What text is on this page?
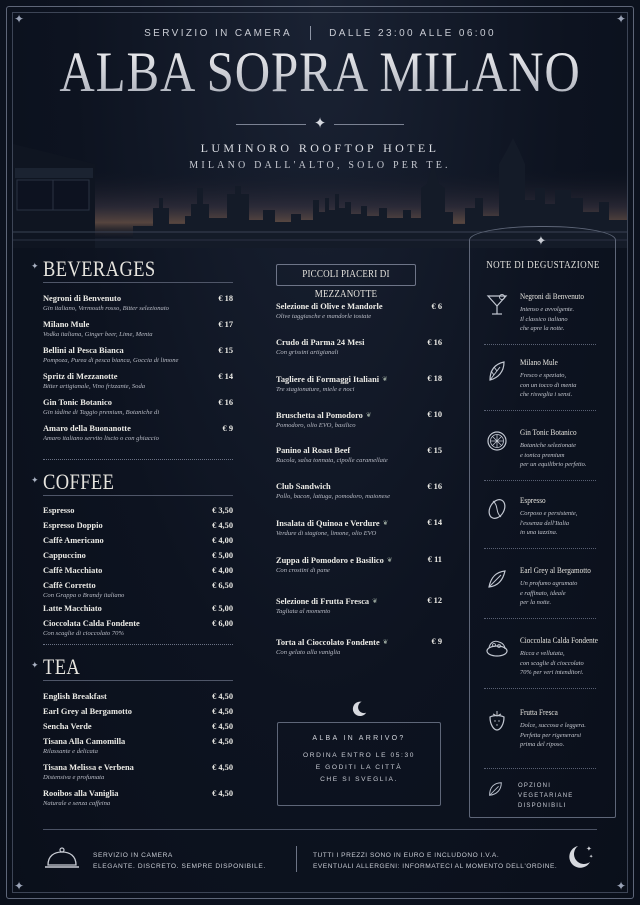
✦	✦
✦	✦
SERVIZIO IN CAMERA	DALLE 23:00 ALLE 06:00
ALBA SOPRA MILANO
✦
LUMINORO ROOFTOP HOTEL
MILANO DALL'ALTO, SOLO PER TE.
BEVERAGES
Negroni di Benvenuto	€ 18
Gin italiano, Vermouth rosso, Bitter selezionato
Milano Mule	€ 17
Vodka italiana, Ginger beer, Lime, Menta
Bellini al Pesca Bianca	€ 15
Pompoza, Purea di pesca bianca, Goccia di limone
Spritz di Mezzanotte	€ 14
Bitter artigianale, Vino frizzante, Soda
Gin Tonic Botanico	€ 16
Gin tàdine di Taggio premium, Botaniche di
Amaro della Buonanotte	€ 9
Amaro italiano servito liscio o con ghiaccio
COFFEE
Espresso	€ 3,50
Espresso Doppio	€ 4,50
Caffè Americano	€ 4,00
Cappuccino	€ 5,00
Caffè Macchiato	€ 4,00
Caffè Corretto	€ 6,50
Con Grappa o Brandy italiano
Latte Macchiato	€ 5,00
Cioccolata Calda Fondente	€ 6,00
Con scaglie di cioccolato 70%
TEA
English Breakfast	€ 4,50
Earl Grey al Bergamotto	€ 4,50
Sencha Verde	€ 4,50
Tisana Alla Camomilla	€ 4,50
Rilassante e delicata
Tisana Melissa e Verbena	€ 4,50
Distensiva e profumata
Rooibos alla Vaniglia	€ 4,50
Naturale e senza caffeina
✦
✦
✦
PICCOLI PIACERI DI MEZZANOTTE
Selezione di Olive e Mandorle	€ 6
Olive taggiasche e mandorle tostate
Crudo di Parma 24 Mesi	€ 16
Con grissini artigianali
Tagliere di Formaggi Italiani ❦	€ 18
Tre stagionature, miele e noci
Bruschetta al Pomodoro ❦	€ 10
Pomodoro, olio EVO, basilico
Panino al Roast Beef	€ 15
Rucola, salsa tonnata, cipolle caramellate
Club Sandwich	€ 16
Pollo, bacon, lattuga, pomodoro, maionese
Insalata di Quinoa e Verdure ❦	€ 14
Verdure di stagione, limone, olio EVO
Zuppa di Pomodoro e Basilico ❦	€ 11
Con crostini di pane
Selezione di Frutta Fresca ❦	€ 12
Tagliata al momento
Torta al Cioccolato Fondente ❦	€ 9
Con gelato alla vaniglia
ALBA IN ARRIVO?
ORDINA ENTRO LE 05:30
E GODITI LA CITTÀ
CHE SI SVEGLIA.
✦
NOTE DI DEGUSTAZIONE
Negroni di Benvenuto
Intenso e avvolgente.
Il classico italiano
che apre la notte.
Milano Mule
Fresco e speziato,
con un tocco di menta
che risveglia i sensi.
Gin Tonic Botanico
Botaniche selezionate
e tonica premium
per un equilibrio perfetto.
Espresso
Corposo e persistente,
l'essenza dell'Italia
in una tazzina.
Earl Grey al Bergamotto
Un profumo agrumato
e raffinato, ideale
per la notte.
Cioccolata Calda Fondente
Ricca e vellutata,
con scaglie di cioccolato
70% per veri intenditori.
Frutta Fresca
Dolce, succosa e leggera.
Perfetta per rigenerarsi
prima del riposo.
OPZIONI VEGETARIANE
DISPONIBILI
SERVIZIO IN CAMERA
ELEGANTE. DISCRETO. SEMPRE DISPONIBILE.
TUTTI I PREZZI SONO IN EURO E INCLUDONO I.V.A.
EVENTUALI ALLERGENI: INFORMATECI AL MOMENTO DELL'ORDINE.
✦
✦
